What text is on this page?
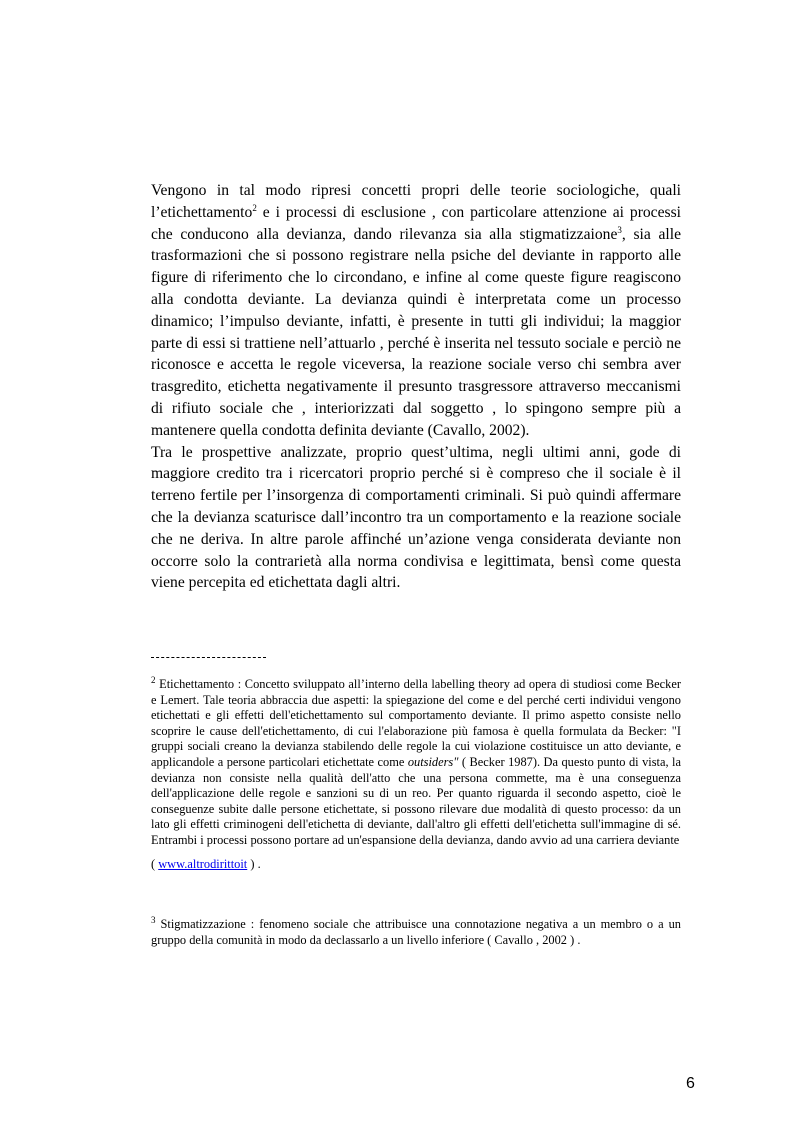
Vengono in tal modo ripresi concetti propri delle teorie sociologiche, quali l’etichettamento$^2$ e i processi di esclusione , con particolare attenzione ai processi che conducono alla devianza, dando rilevanza sia alla stigmatizzaione$^3$, sia alle trasformazioni che si possono registrare nella psiche del deviante in rapporto alle figure di riferimento che lo circondano, e infine al come queste figure reagiscono alla condotta deviante. La devianza quindi è interpretata come un processo dinamico; l’impulso deviante, infatti, è presente in tutti gli individui; la maggior parte di essi si trattiene nell’attuarlo , perché è inserita nel tessuto sociale e perciò ne riconosce e accetta le regole viceversa, la reazione sociale verso chi sembra aver trasgredito, etichetta negativamente il presunto trasgressore attraverso meccanismi di rifiuto sociale che , interiorizzati dal soggetto , lo spingono sempre più a mantenere quella condotta definita deviante (Cavallo, 2002).

Tra le prospettive analizzate, proprio quest’ultima, negli ultimi anni, gode di maggiore credito tra i ricercatori proprio perché si è compreso che il sociale è il terreno fertile per l’insorgenza di comportamenti criminali. Si può quindi affermare che la devianza scaturisce dall’incontro tra un comportamento e la reazione sociale che ne deriva. In altre parole affinché un’azione venga considerata deviante non occorre solo la contrarietà alla norma condivisa e legittimata, bensì come questa viene percepita ed etichettata dagli altri.

$^2$ Etichettamento : Concetto sviluppato all’interno della labelling theory ad opera di studiosi come Becker e Lemert. Tale teoria abbraccia due aspetti: la spiegazione del come e del perché certi individui vengono etichettati e gli effetti dell'etichettamento sul comportamento deviante. Il primo aspetto consiste nello scoprire le cause dell'etichettamento, di cui l'elaborazione più famosa è quella formulata da Becker: "I gruppi sociali creano la devianza stabilendo delle regole la cui violazione costituisce un atto deviante, e applicandole a persone particolari etichettate come outsiders" ( Becker 1987). Da questo punto di vista, la devianza non consiste nella qualità dell'atto che una persona commette, ma è una conseguenza dell'applicazione delle regole e sanzioni su di un reo. Per quanto riguarda il secondo aspetto, cioè le conseguenze subite dalle persone etichettate, si possono rilevare due modalità di questo processo: da un lato gli effetti criminogeni dell'etichetta di deviante, dall'altro gli effetti dell'etichetta sull'immagine di sé. Entrambi i processi possono portare ad un'espansione della devianza, dando avvio ad una carriera deviante

( www.altrodirittoit ) .

$^3$ Stigmatizzazione : fenomeno sociale che attribuisce una connotazione negativa a un membro o a un gruppo della comunità in modo da declassarlo a un livello inferiore ( Cavallo , 2002 ) .

6
